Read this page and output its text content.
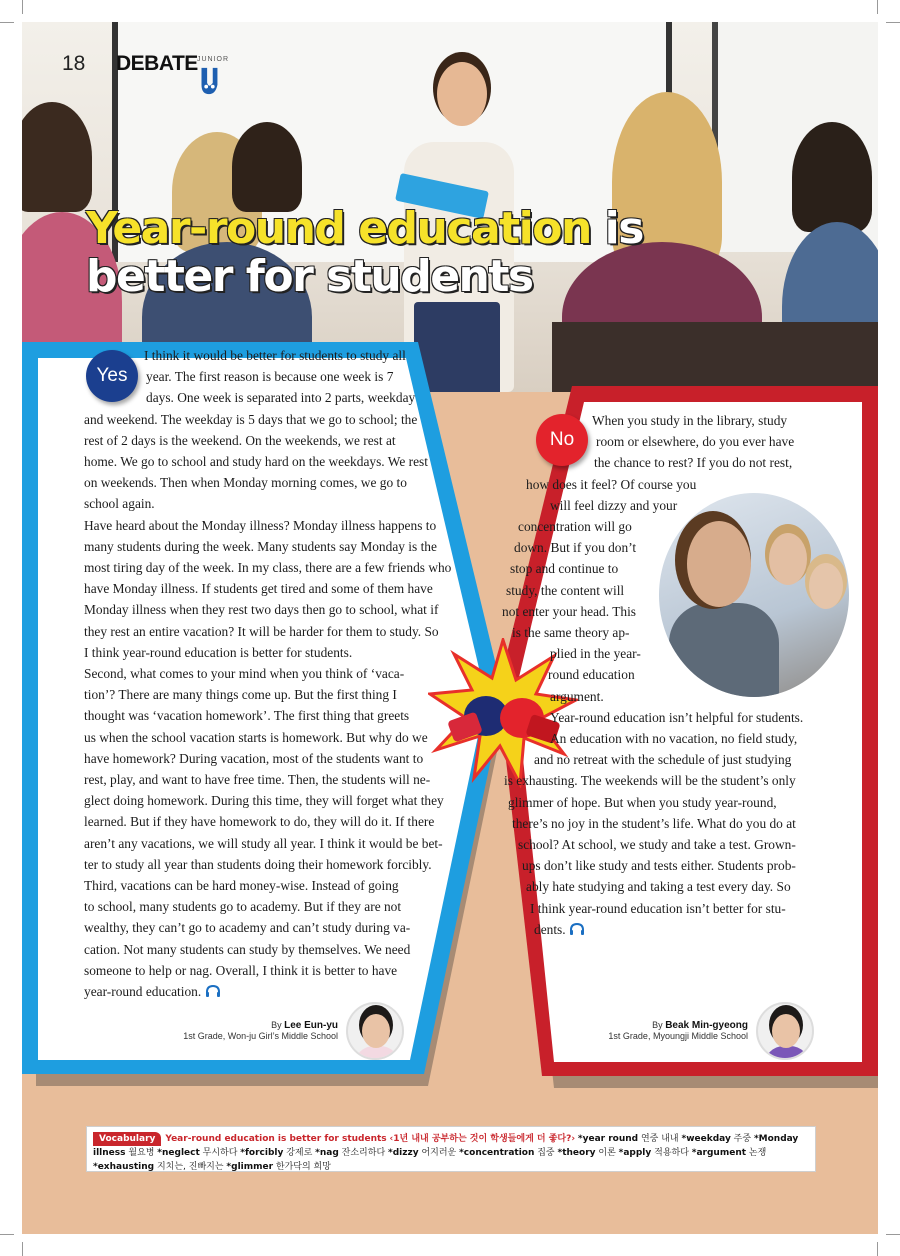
Vocabulary Year-round education is better for students ‹1년 내내 공부하는 것이 학생들에게 더 좋다?› *year round 연중 내내 *weekday 주중 *Monday illness 월요병 *neglect 무시하다 *forcibly 강제로 *nag 잔소리하다 *dizzy 어지러운 *concentration 집중 *theory 이론 *apply 적용하다 *argument 논쟁 *exhausting 지치는, 진빠지는 *glimmer 한가닥의 희망
18 DEBATE JUNIOR
Year-round education is
better for students
Yes
I think it would be better for students to study all
year. The first reason is because one week is 7
days. One week is separated into 2 parts, weekday
and weekend. The weekday is 5 days that we go to school; the
rest of 2 days is the weekend. On the weekends, we rest at
home. We go to school and study hard on the weekdays. We rest
on weekends. Then when Monday morning comes, we go to
school again.
Have heard about the Monday illness? Monday illness happens to
many students during the week. Many students say Monday is the
most tiring day of the week. In my class, there are a few friends who
have Monday illness. If students get tired and some of them have
Monday illness when they rest two days then go to school, what if
they rest an entire vacation? It will be harder for them to study. So
I think year-round education is better for students.
Second, what comes to your mind when you think of ‘vaca-
tion’? There are many things come up. But the first thing I
thought was ‘vacation homework’. The first thing that greets
us when the school vacation starts is homework. But why do we
have homework? During vacation, most of the students want to
rest, play, and want to have free time. Then, the students will ne-
glect doing homework. During this time, they will forget what they
learned. But if they have homework to do, they will do it. If there
aren’t any vacations, we will study all year. I think it would be bet-
ter to study all year than students doing their homework forcibly.
Third, vacations can be hard money-wise. Instead of going
to school, many students go to academy. But if they are not
wealthy, they can’t go to academy and can’t study during va-
cation. Not many students can study by themselves. We need
someone to help or nag. Overall, I think it is better to have
year-round education.
No
When you study in the library, study
room or elsewhere, do you ever have
the chance to rest? If you do not rest,
how does it feel? Of course you
will feel dizzy and your
concentration will go
down. But if you don’t
stop and continue to
study, the content will
not enter your head. This
is the same theory ap-
plied in the year-
round education
argument.
Year-round education isn’t helpful for students.
An education with no vacation, no field study,
and no retreat with the schedule of just studying
is exhausting. The weekends will be the student’s only
glimmer of hope. But when you study year-round,
there’s no joy in the student’s life. What do you do at
school? At school, we study and take a test. Grown-
ups don’t like study and tests either. Students prob-
ably hate studying and taking a test every day. So
I think year-round education isn’t better for stu-
dents.
By Lee Eun-yu
1st Grade, Won-ju Girl’s Middle School
By Beak Min-gyeong
1st Grade, Myoungji Middle School
